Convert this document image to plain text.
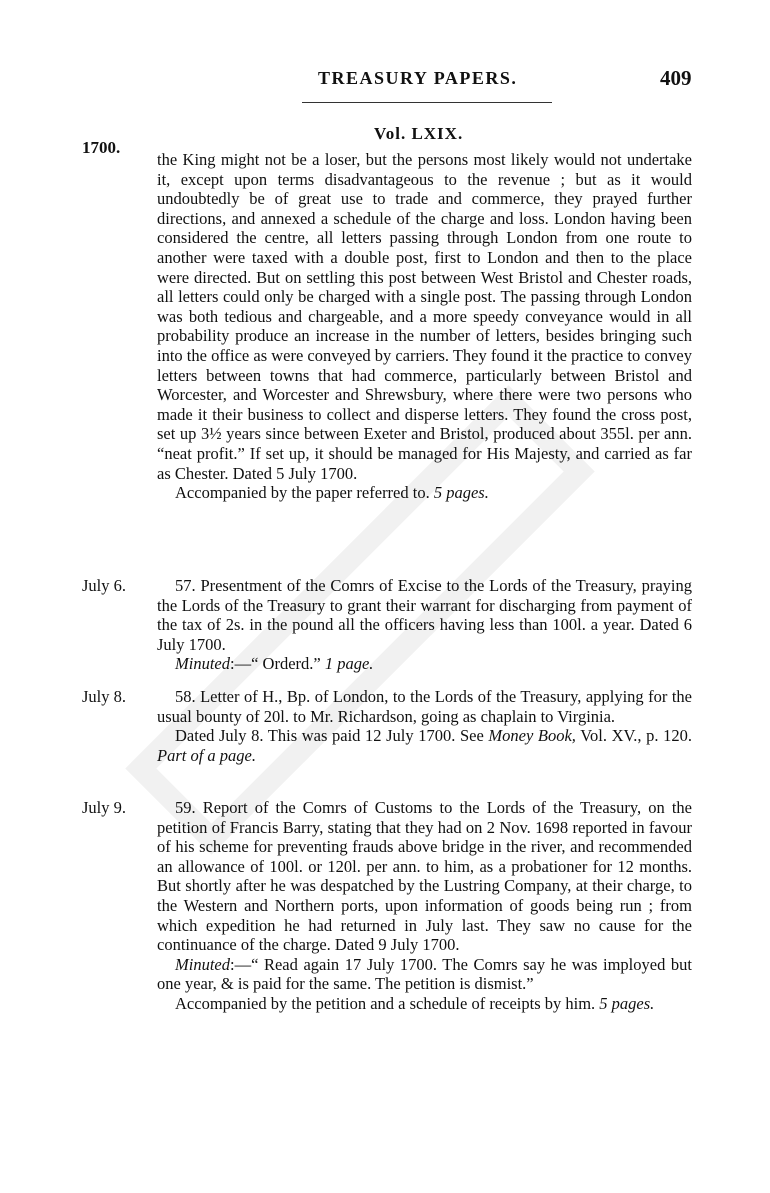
TREASURY PAPERS.	409
1700.
Vol. LXIX.

the King might not be a loser, but the persons most likely would not undertake it, except upon terms disadvantageous to the revenue ; but as it would undoubtedly be of great use to trade and commerce, they prayed further directions, and annexed a schedule of the charge and loss. London having been considered the centre, all letters passing through London from one route to another were taxed with a double post, first to London and then to the place were directed. But on settling this post between West Bristol and Chester roads, all letters could only be charged with a single post. The passing through London was both tedious and chargeable, and a more speedy conveyance would in all probability produce an increase in the number of letters, besides bringing such into the office as were conveyed by carriers. They found it the practice to convey letters between towns that had commerce, particularly between Bristol and Worcester, and Worcester and Shrewsbury, where there were two persons who made it their business to collect and disperse letters. They found the cross post, set up 3½ years since between Exeter and Bristol, produced about 355l. per ann. “neat profit.” If set up, it should be managed for His Majesty, and carried as far as Chester. Dated 5 July 1700.

Accompanied by the paper referred to. 5 pages.

July 6.	57. Presentment of the Comrs of Excise to the Lords of the Treasury, praying the Lords of the Treasury to grant their warrant for discharging from payment of the tax of 2s. in the pound all the officers having less than 100l. a year. Dated 6 July 1700.

Minuted:—“ Orderd.” 1 page.

July 8.	58. Letter of H., Bp. of London, to the Lords of the Treasury, applying for the usual bounty of 20l. to Mr. Richardson, going as chaplain to Virginia.

Dated July 8. This was paid 12 July 1700. See Money Book, Vol. XV., p. 120. Part of a page.

July 9.	59. Report of the Comrs of Customs to the Lords of the Treasury, on the petition of Francis Barry, stating that they had on 2 Nov. 1698 reported in favour of his scheme for preventing frauds above bridge in the river, and recommended an allowance of 100l. or 120l. per ann. to him, as a probationer for 12 months. But shortly after he was despatched by the Lustring Company, at their charge, to the Western and Northern ports, upon information of goods being run ; from which expedition he had returned in July last. They saw no cause for the continuance of the charge. Dated 9 July 1700.

Minuted:—“ Read again 17 July 1700. The Comrs say he was imployed but one year, & is paid for the same. The petition is dismist.”

Accompanied by the petition and a schedule of receipts by him. 5 pages.
